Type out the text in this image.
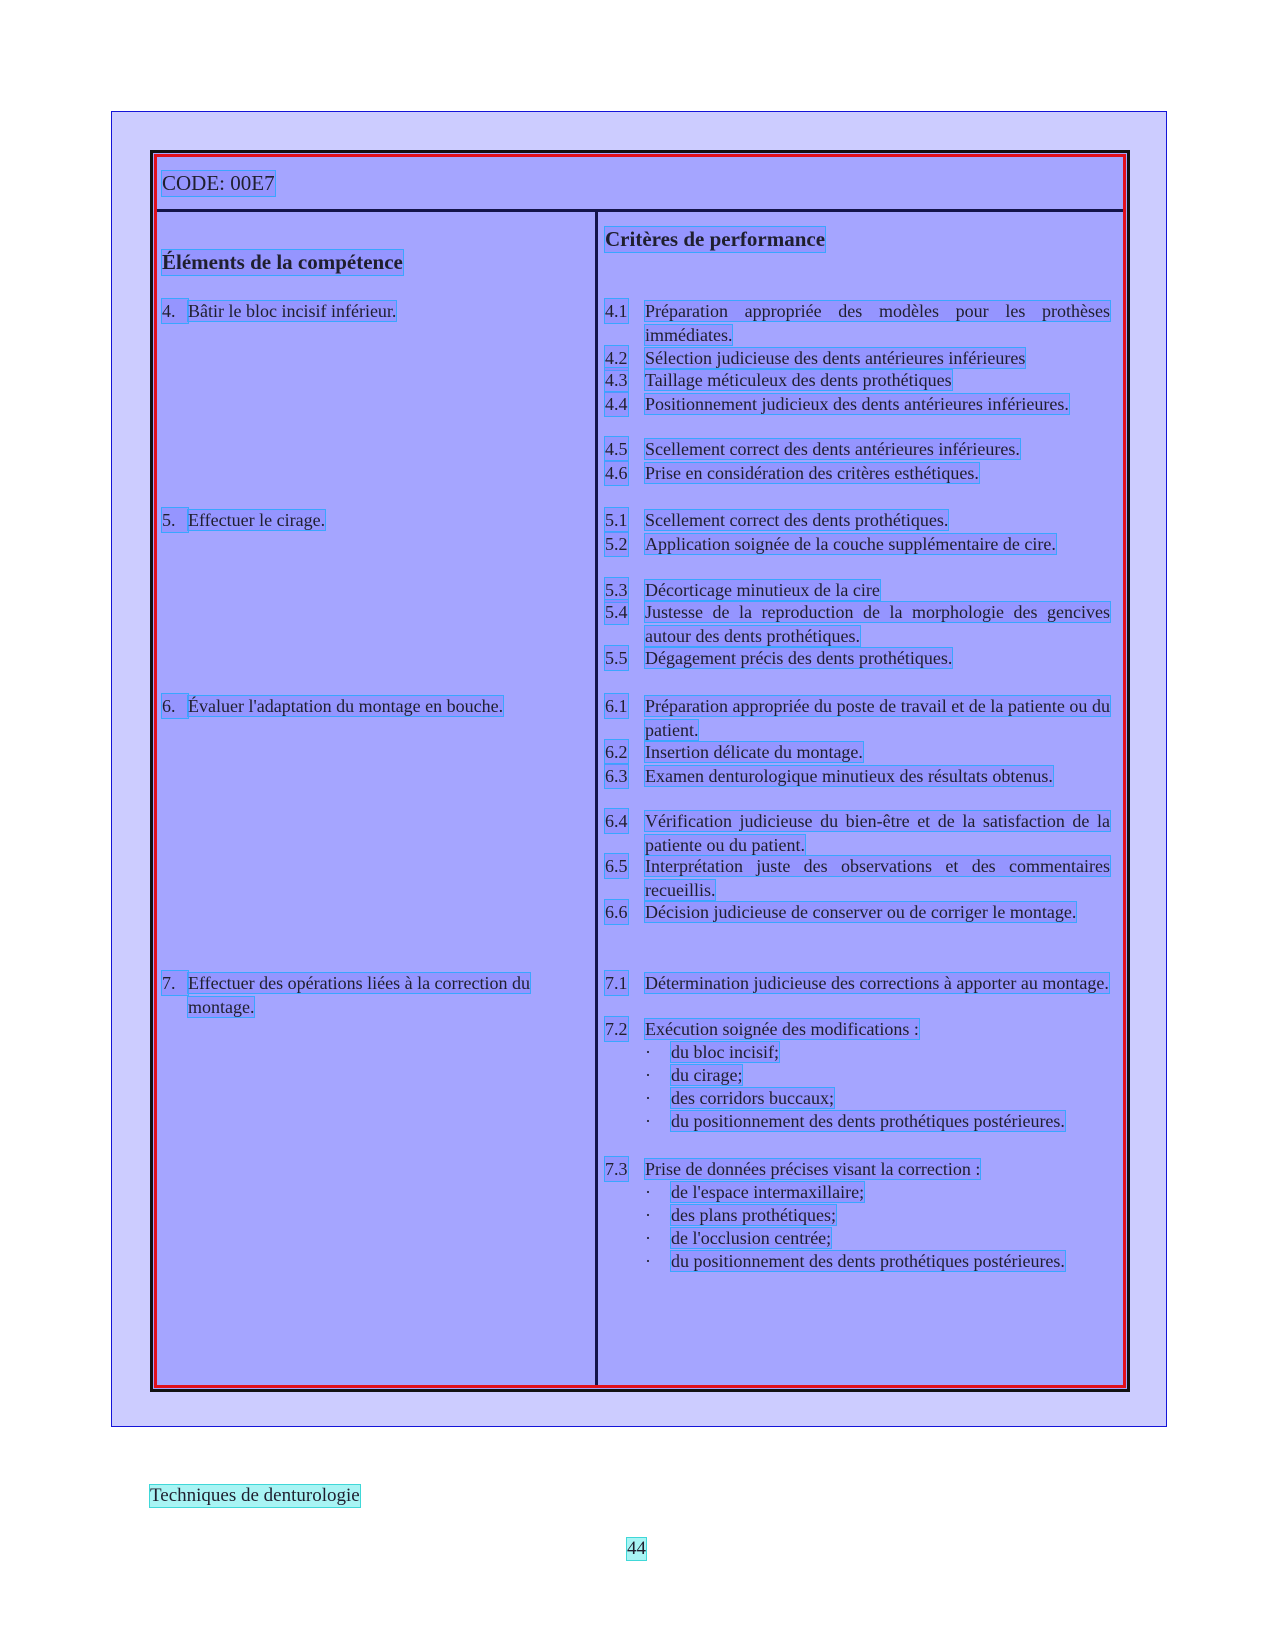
CODE: 00E7
Éléments de la compétence
Critères de performance
4. Bâtir le bloc incisif inférieur.
5. Effectuer le cirage.
6. Évaluer l'adaptation du montage en bouche.
7. Effectuer des opérations liées à la correction du montage.
4.1 Préparation appropriée des modèles pour les prothèses immédiates.
4.2 Sélection judicieuse des dents antérieures inférieures
4.3 Taillage méticuleux des dents prothétiques
4.4 Positionnement judicieux des dents antérieures inférieures.
4.5 Scellement correct des dents antérieures inférieures.
4.6 Prise en considération des critères esthétiques.
5.1 Scellement correct des dents prothétiques.
5.2 Application soignée de la couche supplémentaire de cire.
5.3 Décorticage minutieux de la cire
5.4 Justesse de la reproduction de la morphologie des gencives autour des dents prothétiques.
5.5 Dégagement précis des dents prothétiques.
6.1 Préparation appropriée du poste de travail et de la patiente ou du patient.
6.2 Insertion délicate du montage.
6.3 Examen denturologique minutieux des résultats obtenus.
6.4 Vérification judicieuse du bien-être et de la satisfaction de la patiente ou du patient.
6.5 Interprétation juste des observations et des commentaires recueillis.
6.6 Décision judicieuse de conserver ou de corriger le montage.
7.1 Détermination judicieuse des corrections à apporter au montage.
7.2 Exécution soignée des modifications :
· du bloc incisif;
· du cirage;
· des corridors buccaux;
· du positionnement des dents prothétiques postérieures.
7.3 Prise de données précises visant la correction :
· de l'espace intermaxillaire;
· des plans prothétiques;
· de l'occlusion centrée;
· du positionnement des dents prothétiques postérieures.
Techniques de denturologie
44
